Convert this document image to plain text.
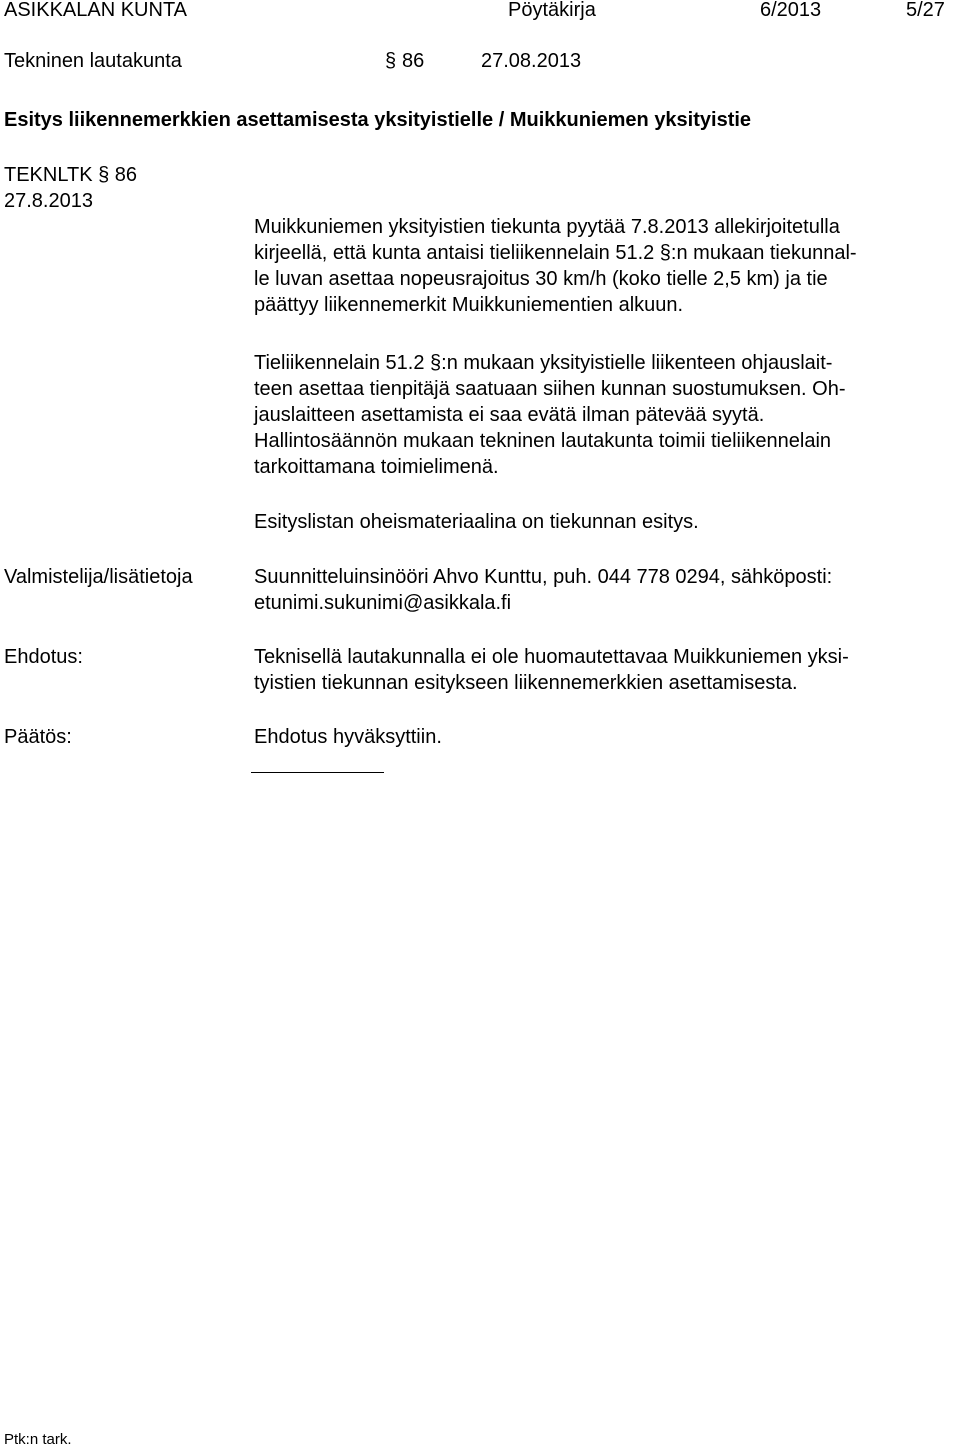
ASIKKALAN KUNTA	Pöytäkirja	6/2013	5/27
Tekninen lautakunta	§ 86	27.08.2013
Esitys liikennemerkkien asettamisesta yksityistielle / Muikkuniemen yksityistie
TEKNLTK § 86
27.8.2013

Muikkuniemen yksityistien tiekunta pyytää 7.8.2013 allekirjoitetulla

kirjeellä, että kunta antaisi tieliikennelain 51.2 §:n mukaan tiekunnal-

le luvan asettaa nopeusrajoitus 30 km/h (koko tielle 2,5 km) ja tie

päättyy liikennemerkit Muikkuniementien alkuun.

Tieliikennelain 51.2 §:n mukaan yksityistielle liikenteen ohjauslait-

teen asettaa tienpitäjä saatuaan siihen kunnan suostumuksen. Oh-

jauslaitteen asettamista ei saa evätä ilman pätevää syytä.

Hallintosäännön mukaan tekninen lautakunta toimii tieliikennelain

tarkoittamana toimielimenä.

Esityslistan oheismateriaalina on tiekunnan esitys.

Valmistelija/lisätietoja	Suunnitteluinsinööri Ahvo Kunttu, puh. 044 778 0294, sähköposti:

etunimi.sukunimi@asikkala.fi

Ehdotus:	Teknisellä lautakunnalla ei ole huomautettavaa Muikkuniemen yksi-

tyistien tiekunnan esitykseen liikennemerkkien asettamisesta.

Päätös:	Ehdotus hyväksyttiin.

Ptk:n tark.
